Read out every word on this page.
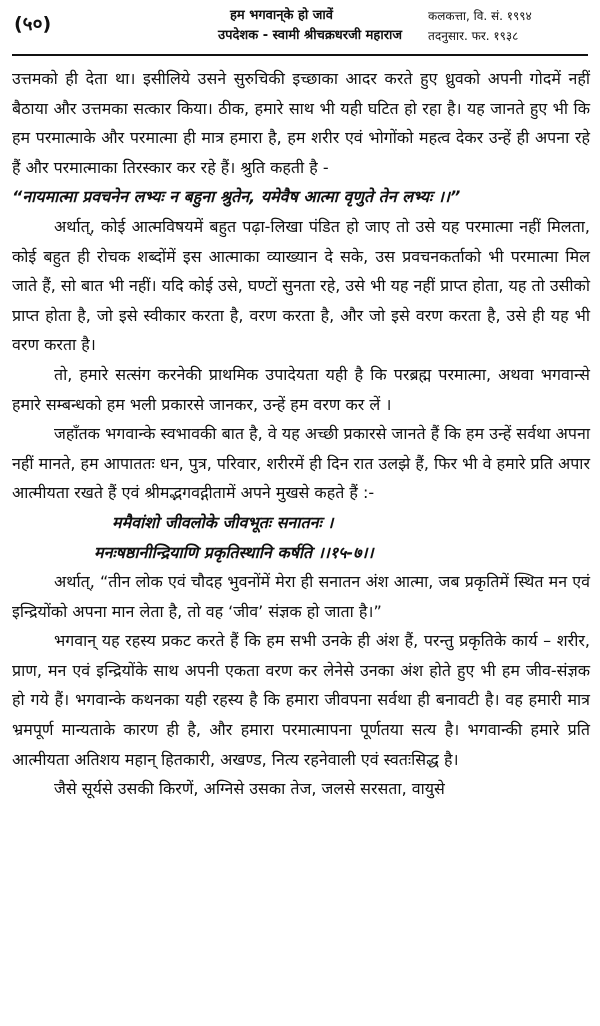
(५०)	हम भगवान्‌के हो जावें
उपदेशक - स्वामी श्रीचक्रधरजी महाराज
कलकत्ता, वि. सं. १९९४
तदनुसार. फर. १९३८

उत्तमको ही देता था। इसीलिये उसने सुरुचिकी इच्छाका आदर करते हुए ध्रुवको अपनी गोदमें नहीं बैठाया और उत्तमका सत्कार किया। ठीक, हमारे साथ भी यही घटित हो रहा है। यह जानते हुए भी कि हम परमात्माके और परमात्मा ही मात्र हमारा है, हम शरीर एवं भोगोंको महत्व देकर उन्हें ही अपना रहे हैं और परमात्माका तिरस्कार कर रहे हैं। श्रुति कहती है -

“नायमात्मा प्रवचनेन लभ्यः न बहुना श्रुतेन, यमेवैष आत्मा वृणुते तेन लभ्यः ।।”

अर्थात्, कोई आत्मविषयमें बहुत पढ़ा-लिखा पंडित हो जाए तो उसे यह परमात्मा नहीं मिलता, कोई बहुत ही रोचक शब्दोंमें इस आत्माका व्याख्यान दे सके, उस प्रवचनकर्ताको भी परमात्मा मिल जाते हैं, सो बात भी नहीं। यदि कोई उसे, घण्टों सुनता रहे, उसे भी यह नहीं प्राप्त होता, यह तो उसीको प्राप्त होता है, जो इसे स्वीकार करता है, वरण करता है, और जो इसे वरण करता है, उसे ही यह भी वरण करता है।

तो, हमारे सत्संग करनेकी प्राथमिक उपादेयता यही है कि परब्रह्म परमात्मा, अथवा भगवान्से हमारे सम्बन्धको हम भली प्रकारसे जानकर, उन्हें हम वरण कर लें ।

जहाँतक भगवान्के स्वभावकी बात है, वे यह अच्छी प्रकारसे जानते हैं कि हम उन्हें सर्वथा अपना नहीं मानते, हम आपाततः धन, पुत्र, परिवार, शरीरमें ही दिन रात उलझे हैं, फिर भी वे हमारे प्रति अपार आत्मीयता रखते हैं एवं श्रीमद्भगवद्गीतामें अपने मुखसे कहते हैं :-

ममैवांशो जीवलोके जीवभूतः सनातनः ।

मनःषष्ठानीन्द्रियाणि प्रकृतिस्थानि कर्षति ।।१५-७।।

अर्थात्, “तीन लोक एवं चौदह भुवनोंमें मेरा ही सनातन अंश आत्मा, जब प्रकृतिमें स्थित मन एवं इन्द्रियोंको अपना मान लेता है, तो वह ‘जीव’ संज्ञक हो जाता है।”

भगवान् यह रहस्य प्रकट करते हैं कि हम सभी उनके ही अंश हैं, परन्तु प्रकृतिके कार्य – शरीर, प्राण, मन एवं इन्द्रियोंके साथ अपनी एकता वरण कर लेनेसे उनका अंश होते हुए भी हम जीव-संज्ञक हो गये हैं। भगवान्के कथनका यही रहस्य है कि हमारा जीवपना सर्वथा ही बनावटी है। वह हमारी मात्र भ्रमपूर्ण मान्यताके कारण ही है, और हमारा परमात्मापना पूर्णतया सत्य है। भगवान्की हमारे प्रति आत्मीयता अतिशय महान् हितकारी, अखण्ड, नित्य रहनेवाली एवं स्वतःसिद्ध है।

जैसे सूर्यसे उसकी किरणें, अग्निसे उसका तेज, जलसे सरसता, वायुसे
